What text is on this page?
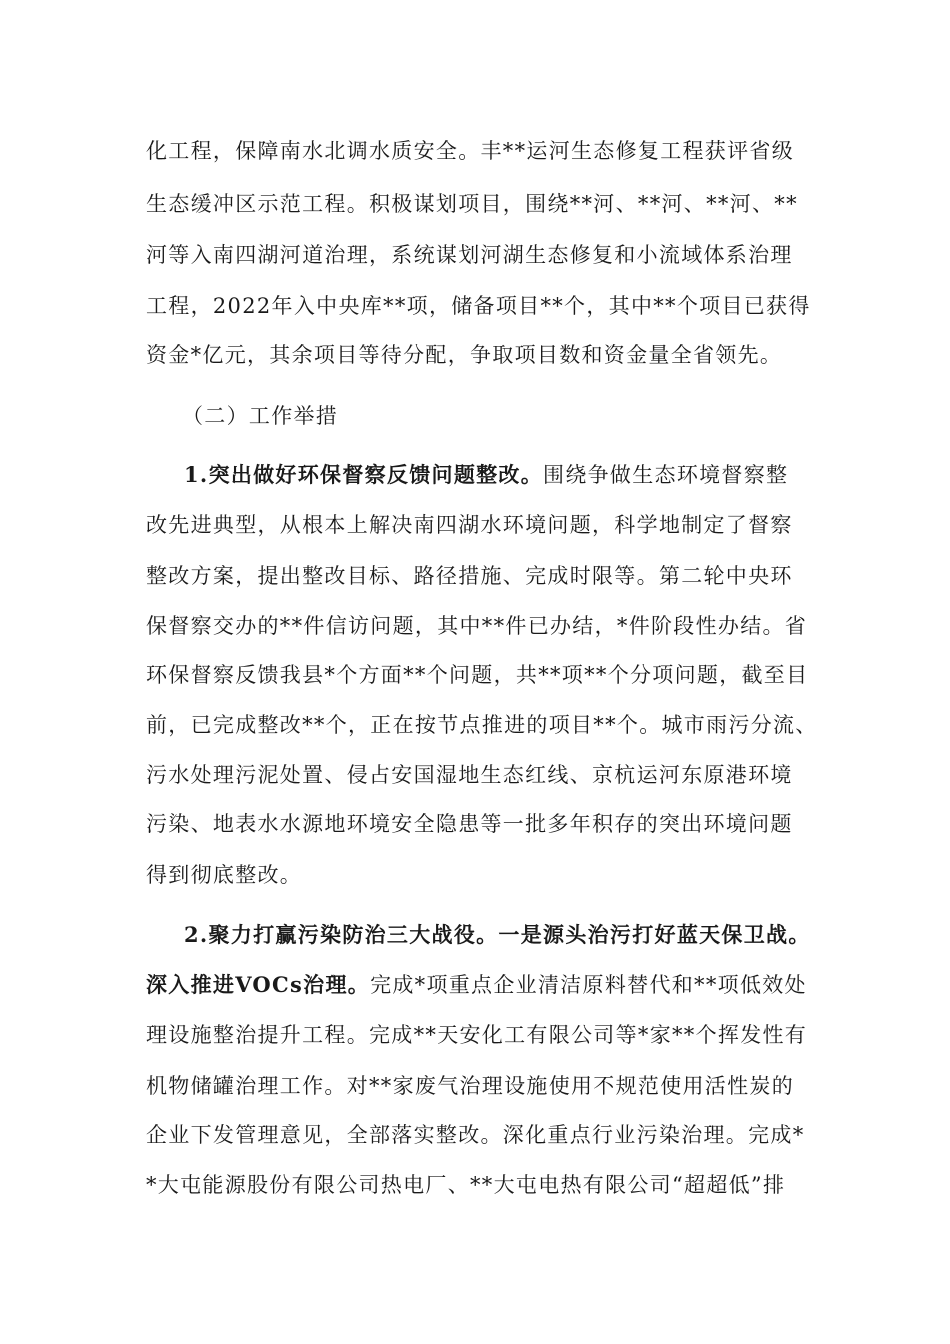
化工程，保障南水北调水质安全。丰**运河生态修复工程获评省级
生态缓冲区示范工程。积极谋划项目，围绕**河、**河、**河、**
河等入南四湖河道治理，系统谋划河湖生态修复和小流域体系治理
工程，2022年入中央库**项，储备项目**个，其中**个项目已获得
资金*亿元，其余项目等待分配，争取项目数和资金量全省领先。
（二）工作举措
1.突出做好环保督察反馈问题整改。围绕争做生态环境督察整
改先进典型，从根本上解决南四湖水环境问题，科学地制定了督察
整改方案，提出整改目标、路径措施、完成时限等。第二轮中央环
保督察交办的**件信访问题，其中**件已办结，*件阶段性办结。省
环保督察反馈我县*个方面**个问题，共**项**个分项问题，截至目
前，已完成整改**个，正在按节点推进的项目**个。城市雨污分流、
污水处理污泥处置、侵占安国湿地生态红线、京杭运河东原港环境
污染、地表水水源地环境安全隐患等一批多年积存的突出环境问题
得到彻底整改。
2.聚力打赢污染防治三大战役。一是源头治污打好蓝天保卫战。
深入推进VOCs治理。完成*项重点企业清洁原料替代和**项低效处
理设施整治提升工程。完成**天安化工有限公司等*家**个挥发性有
机物储罐治理工作。对**家废气治理设施使用不规范使用活性炭的
企业下发管理意见，全部落实整改。深化重点行业污染治理。完成*
*大屯能源股份有限公司热电厂、**大屯电热有限公司“超超低”排
